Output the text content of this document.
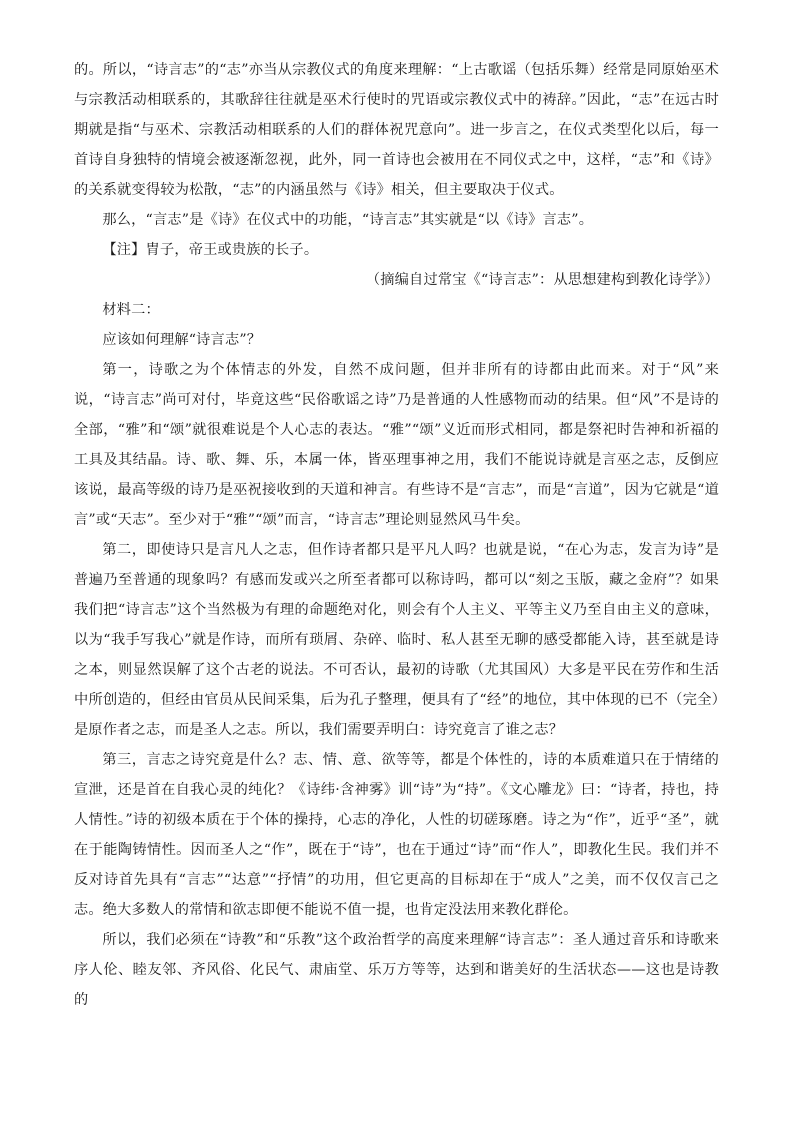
的。所以，“诗言志”的“志”亦当从宗教仪式的角度来理解：“上古歌谣（包括乐舞）经常是同原始巫术与宗教活动相联系的，其歌辞往往就是巫术行使时的咒语或宗教仪式中的祷辞。”因此，“志”在远古时期就是指“与巫术、宗教活动相联系的人们的群体祝咒意向”。进一步言之，在仪式类型化以后，每一首诗自身独特的情境会被逐渐忽视，此外，同一首诗也会被用在不同仪式之中，这样，“志”和《诗》的关系就变得较为松散，“志”的内涵虽然与《诗》相关，但主要取决于仪式。

那么，“言志”是《诗》在仪式中的功能，“诗言志”其实就是“以《诗》言志”。

【注】胄子，帝王或贵族的长子。

（摘编自过常宝《“诗言志”：从思想建构到教化诗学》）

材料二：

应该如何理解“诗言志”？

第一，诗歌之为个体情志的外发，自然不成问题，但并非所有的诗都由此而来。对于“风”来说，“诗言志”尚可对付，毕竟这些“民俗歌谣之诗”乃是普通的人性感物而动的结果。但“风”不是诗的全部，“雅”和“颂”就很难说是个人心志的表达。“雅”“颂”义近而形式相同，都是祭祀时告神和祈福的工具及其结晶。诗、歌、舞、乐，本属一体，皆巫理事神之用，我们不能说诗就是言巫之志，反倒应该说，最高等级的诗乃是巫祝接收到的天道和神言。有些诗不是“言志”，而是“言道”，因为它就是“道言”或“天志”。至少对于“雅”“颂”而言，“诗言志”理论则显然风马牛矣。

第二，即使诗只是言凡人之志，但作诗者都只是平凡人吗？也就是说，“在心为志，发言为诗”是普遍乃至普通的现象吗？有感而发或兴之所至者都可以称诗吗，都可以“刻之玉版，藏之金府”？如果我们把“诗言志”这个当然极为有理的命题绝对化，则会有个人主义、平等主义乃至自由主义的意味，以为“我手写我心”就是作诗，而所有琐屑、杂碎、临时、私人甚至无聊的感受都能入诗，甚至就是诗之本，则显然误解了这个古老的说法。不可否认，最初的诗歌（尤其国风）大多是平民在劳作和生活中所创造的，但经由官员从民间采集，后为孔子整理，便具有了“经”的地位，其中体现的已不（完全）是原作者之志，而是圣人之志。所以，我们需要弄明白：诗究竟言了谁之志？

第三，言志之诗究竟是什么？志、情、意、欲等等，都是个体性的，诗的本质难道只在于情绪的宣泄，还是首在自我心灵的纯化？《诗纬·含神雾》训“诗”为“持”。《文心雕龙》曰：“诗者，持也，持人情性。”诗的初级本质在于个体的操持，心志的净化，人性的切磋琢磨。诗之为“作”，近乎“圣”，就在于能陶铸情性。因而圣人之“作”，既在于“诗”，也在于通过“诗”而“作人”，即教化生民。我们并不反对诗首先具有“言志”“达意”“抒情”的功用，但它更高的目标却在于“成人”之美，而不仅仅言己之志。绝大多数人的常情和欲志即便不能说不值一提，也肯定没法用来教化群伦。

所以，我们必须在“诗教”和“乐教”这个政治哲学的高度来理解“诗言志”：圣人通过音乐和诗歌来序人伦、睦友邻、齐风俗、化民气、肃庙堂、乐万方等等，达到和谐美好的生活状态——这也是诗教的
